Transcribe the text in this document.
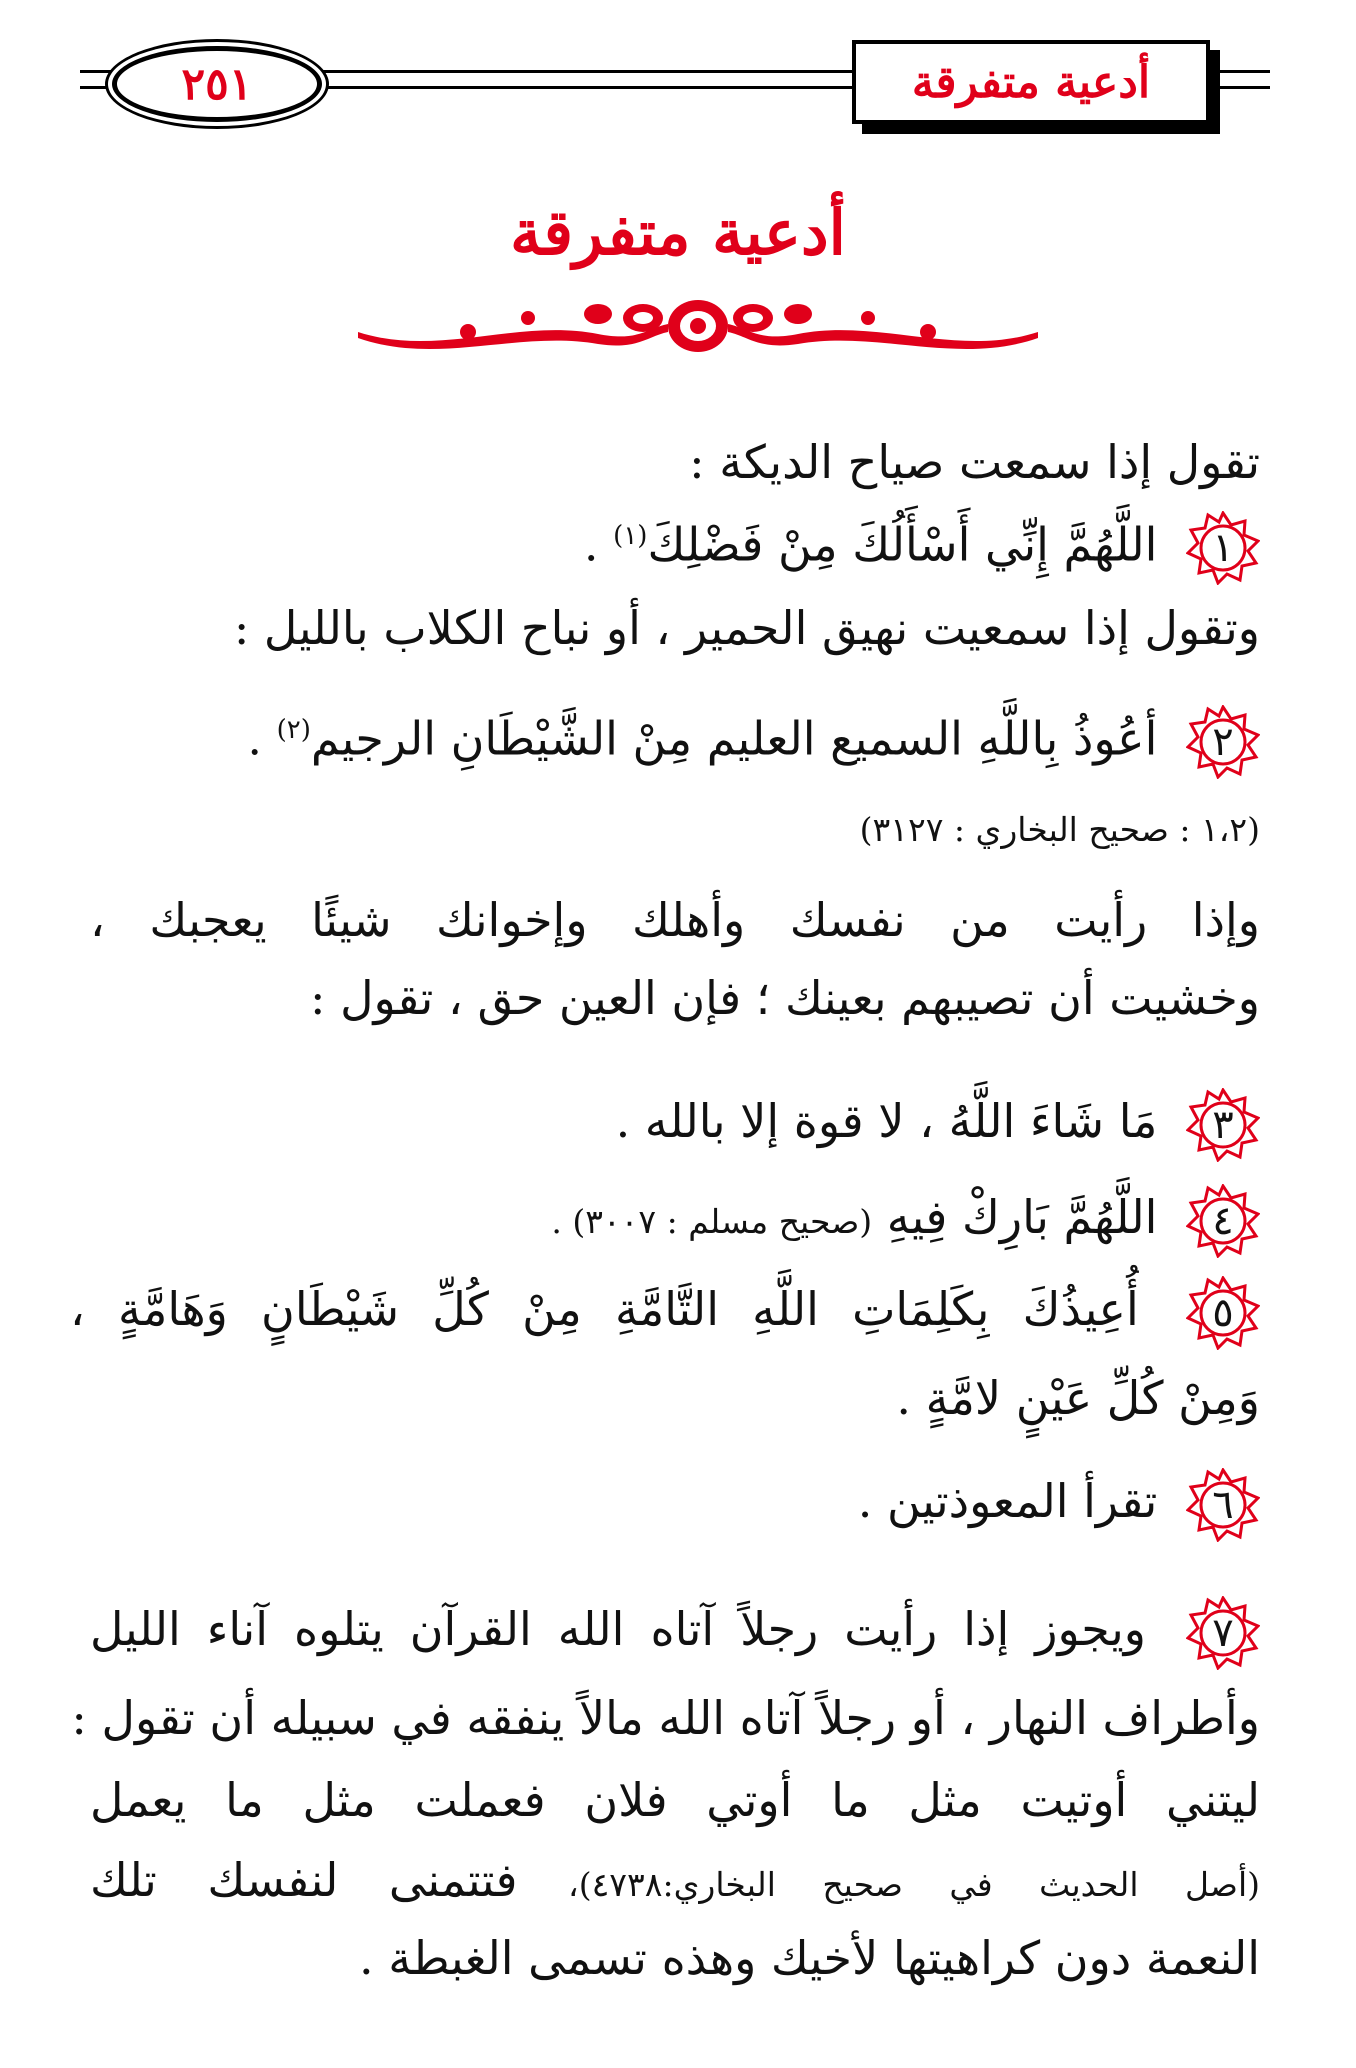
٢٥١	أدعية متفرقة
أدعية متفرقة
تقول إذا سمعت صياح الديكة :
١
اللَّهُمَّ إِنِّي أَسْأَلُكَ مِنْ فَضْلِكَ$^{(١)}$ .
وتقول إذا سمعيت نهيق الحمير ، أو نباح الكلاب بالليل :
٢
أعُوذُ بِاللَّهِ السميع العليم مِنْ الشَّيْطَانِ الرجيم$^{(٢)}$ .
(١،٢ : صحيح البخاري : ٣١٢٧)
وإذا رأيت من نفسك وأهلك وإخوانك شيئًا يعجبك ،
وخشيت أن تصيبهم بعينك ؛ فإن العين حق ، تقول :
٣
مَا شَاءَ اللَّهُ ، لا قوة إلا بالله .
٤
اللَّهُمَّ بَارِكْ فِيهِ (صحيح مسلم : ٣٠٠٧) .
٥
أُعِيذُكَ بِكَلِمَاتِ اللَّهِ التَّامَّةِ مِنْ كُلِّ شَيْطَانٍ وَهَامَّةٍ ،
وَمِنْ كُلِّ عَيْنٍ لامَّةٍ .
٦
تقرأ المعوذتين .
٧
ويجوز إذا رأيت رجلاً آتاه الله القرآن يتلوه آناء الليل
وأطراف النهار ، أو رجلاً آتاه الله مالاً ينفقه في سبيله أن تقول :
ليتني أوتيت مثل ما أوتي فلان فعملت مثل ما يعمل
(أصل الحديث في صحيح البخاري:٤٧٣٨)، فتتمنى لنفسك تلك
النعمة دون كراهيتها لأخيك وهذه تسمى الغبطة .
